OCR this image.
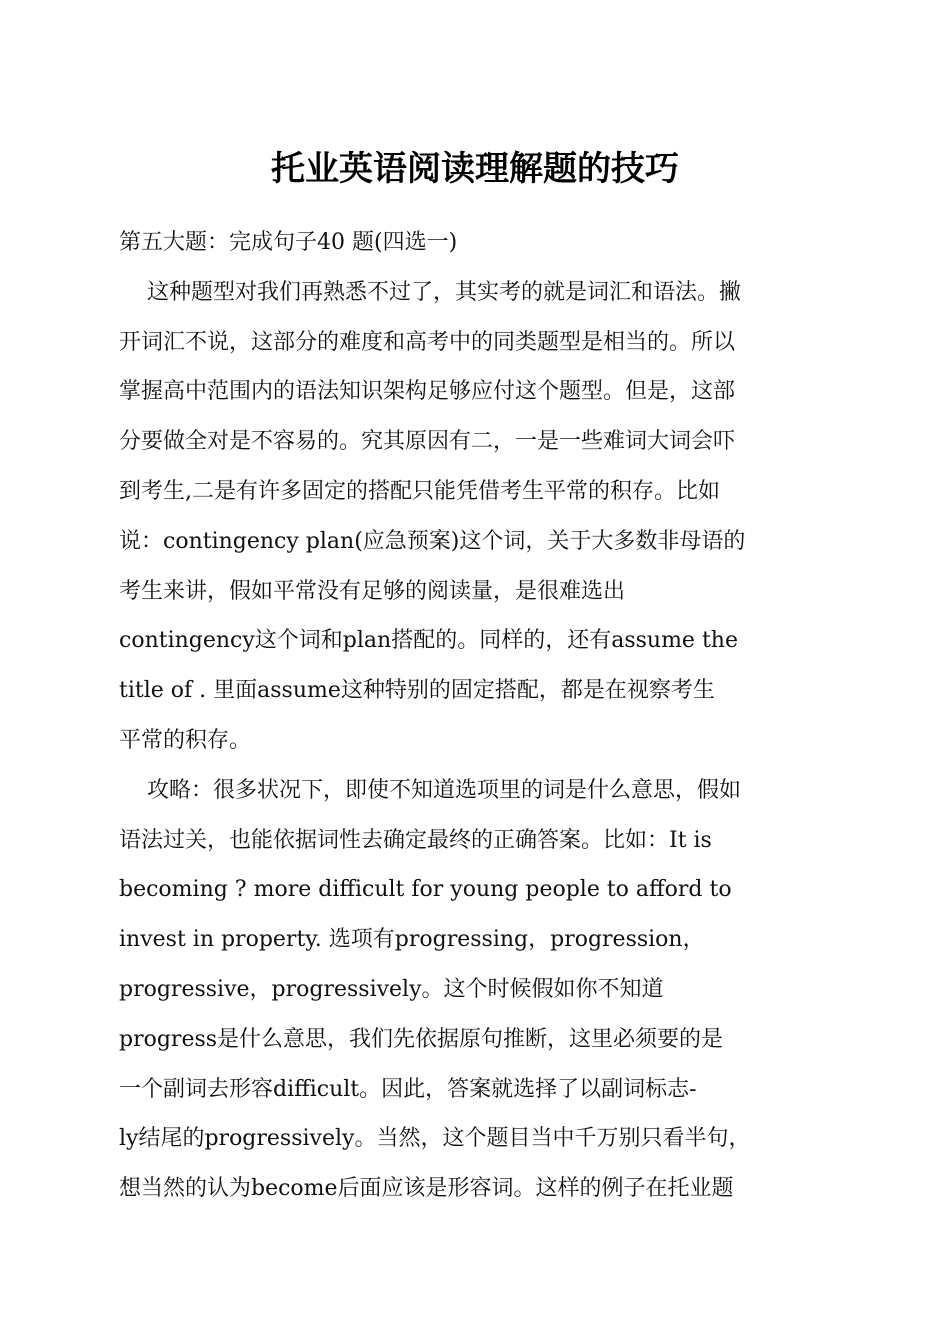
托业英语阅读理解题的技巧
第五大题：完成句子40 题(四选一)
这种题型对我们再熟悉不过了，其实考的就是词汇和语法。撇
开词汇不说，这部分的难度和高考中的同类题型是相当的。所以
掌握高中范围内的语法知识架构足够应付这个题型。但是，这部
分要做全对是不容易的。究其原因有二，一是一些难词大词会吓
到考生,二是有许多固定的搭配只能凭借考生平常的积存。比如
说：contingency plan(应急预案)这个词，关于大多数非母语的
考生来讲，假如平常没有足够的阅读量，是很难选出
contingency这个词和plan搭配的。同样的，还有assume the
title of . 里面assume这种特别的固定搭配，都是在视察考生
平常的积存。
攻略：很多状况下，即使不知道选项里的词是什么意思，假如
语法过关，也能依据词性去确定最终的正确答案。比如：It is
becoming ? more difficult for young people to afford to
invest in property. 选项有progressing，progression，
progressive，progressively。这个时候假如你不知道
progress是什么意思，我们先依据原句推断，这里必须要的是
一个副词去形容difficult。因此，答案就选择了以副词标志-
ly结尾的progressively。当然，这个题目当中千万别只看半句，
想当然的认为become后面应该是形容词。这样的例子在托业题
